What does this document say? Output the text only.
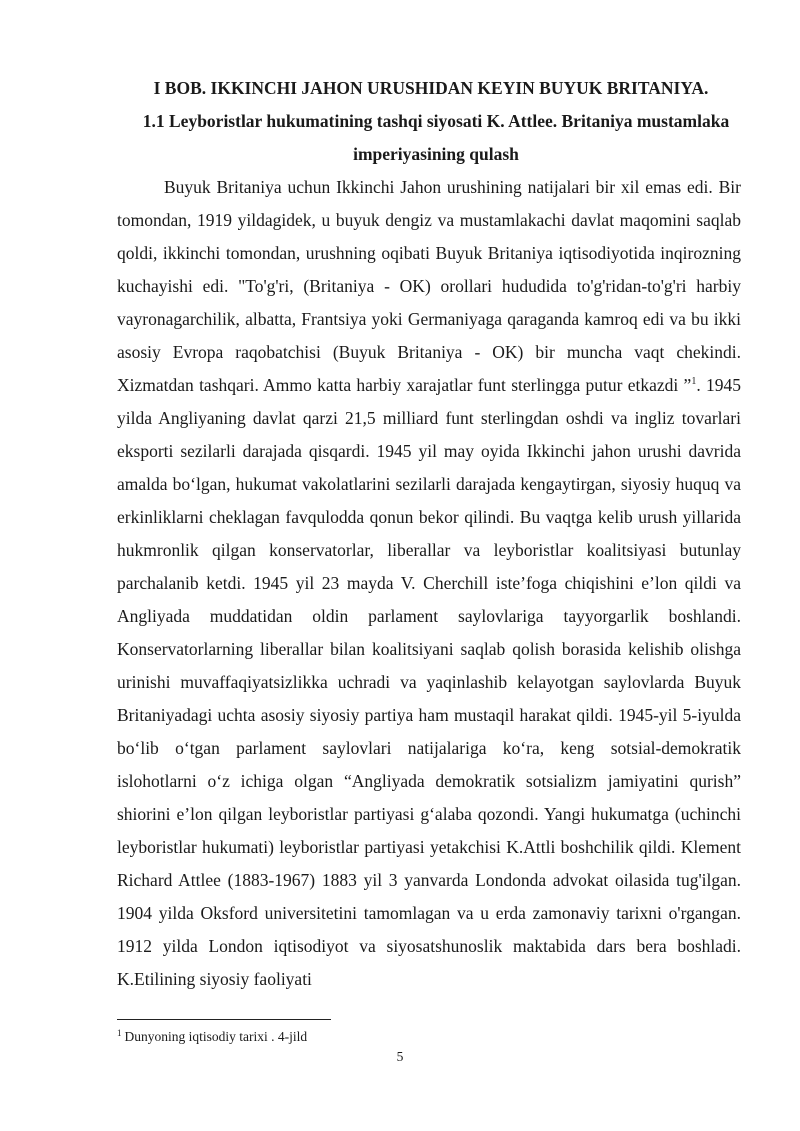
I BOB. IKKINCHI JAHON URUSHIDAN KEYIN BUYUK BRITANIYA.
1.1 Leyboristlar hukumatining tashqi siyosati K. Attlee. Britaniya mustamlaka imperiyasining qulash

Buyuk Britaniya uchun Ikkinchi Jahon urushining natijalari bir xil emas edi. Bir tomondan, 1919 yildagidek, u buyuk dengiz va mustamlakachi davlat maqomini saqlab qoldi, ikkinchi tomondan, urushning oqibati Buyuk Britaniya iqtisodiyotida inqirozning kuchayishi edi. "To'g'ri, (Britaniya - OK) orollari hududida to'g'ridan-to'g'ri harbiy vayronagarchilik, albatta, Frantsiya yoki Germaniyaga qaraganda kamroq edi va bu ikki asosiy Evropa raqobatchisi (Buyuk Britaniya - OK) bir muncha vaqt chekindi. Xizmatdan tashqari. Ammo katta harbiy xarajatlar funt sterlingga putur etkazdi ”$^1$. 1945 yilda Angliyaning davlat qarzi 21,5 milliard funt sterlingdan oshdi va ingliz tovarlari eksporti sezilarli darajada qisqardi. 1945 yil may oyida Ikkinchi jahon urushi davrida amalda bo‘lgan, hukumat vakolatlarini sezilarli darajada kengaytirgan, siyosiy huquq va erkinliklarni cheklagan favqulodda qonun bekor qilindi. Bu vaqtga kelib urush yillarida hukmronlik qilgan konservatorlar, liberallar va leyboristlar koalitsiyasi butunlay parchalanib ketdi. 1945 yil 23 mayda V. Cherchill iste’foga chiqishini e’lon qildi va Angliyada muddatidan oldin parlament saylovlariga tayyorgarlik boshlandi. Konservatorlarning liberallar bilan koalitsiyani saqlab qolish borasida kelishib olishga urinishi muvaffaqiyatsizlikka uchradi va yaqinlashib kelayotgan saylovlarda Buyuk Britaniyadagi uchta asosiy siyosiy partiya ham mustaqil harakat qildi. 1945-yil 5-iyulda bo‘lib o‘tgan parlament saylovlari natijalariga ko‘ra, keng sotsial-demokratik islohotlarni o‘z ichiga olgan “Angliyada demokratik sotsializm jamiyatini qurish” shiorini e’lon qilgan leyboristlar partiyasi g‘alaba qozondi. Yangi hukumatga (uchinchi leyboristlar hukumati) leyboristlar partiyasi yetakchisi K.Attli boshchilik qildi. Klement Richard Attlee (1883-1967) 1883 yil 3 yanvarda Londonda advokat oilasida tug'ilgan. 1904 yilda Oksford universitetini tamomlagan va u erda zamonaviy tarixni o'rgangan. 1912 yilda London iqtisodiyot va siyosatshunoslik maktabida dars bera boshladi. K.Etilining siyosiy faoliyati

$^1$ Dunyoning iqtisodiy tarixi . 4-jild

5
